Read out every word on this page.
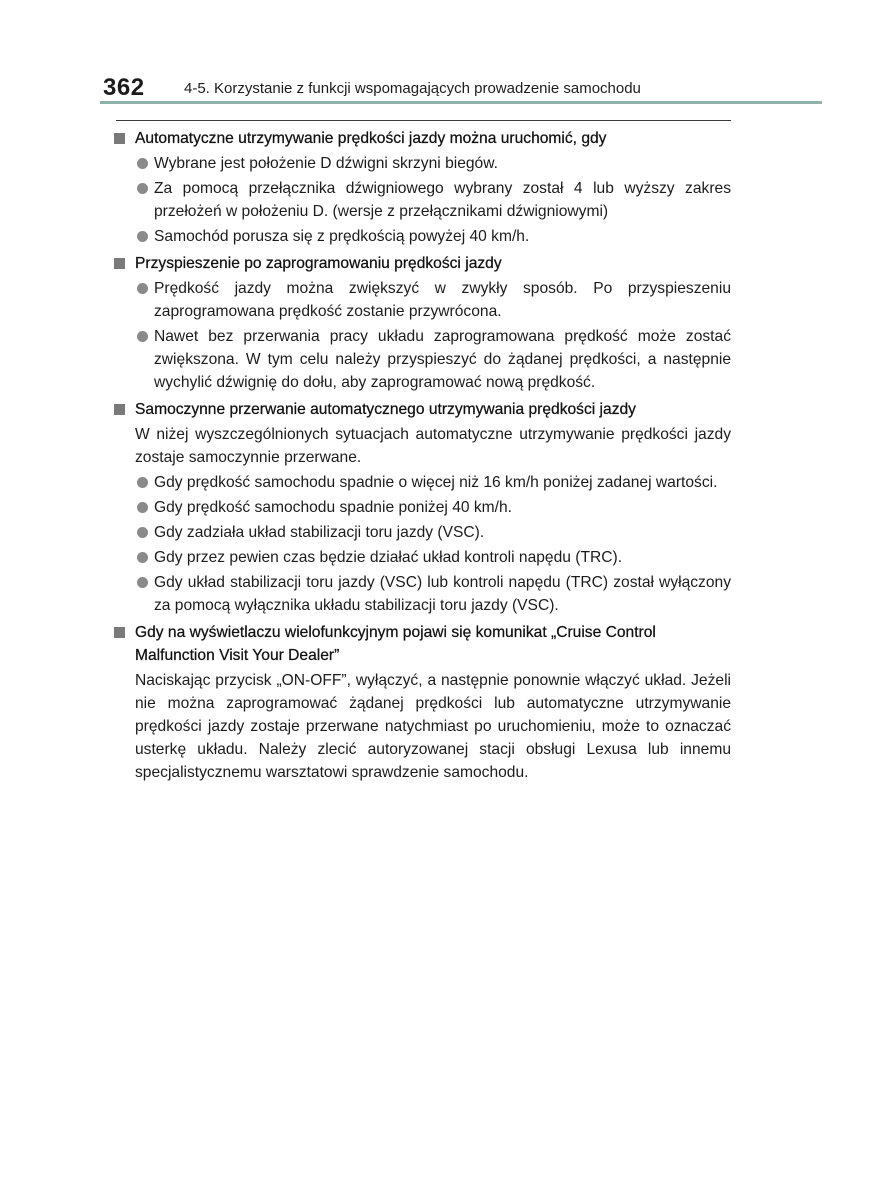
362	4-5. Korzystanie z funkcji wspomagających prowadzenie samochodu
Automatyczne utrzymywanie prędkości jazdy można uruchomić, gdy
Wybrane jest położenie D dźwigni skrzyni biegów.
Za pomocą przełącznika dźwigniowego wybrany został 4 lub wyższy zakres przełożeń w położeniu D. (wersje z przełącznikami dźwigniowymi)
Samochód porusza się z prędkością powyżej 40 km/h.
Przyspieszenie po zaprogramowaniu prędkości jazdy
Prędkość jazdy można zwiększyć w zwykły sposób. Po przyspieszeniu zaprogramowana prędkość zostanie przywrócona.
Nawet bez przerwania pracy układu zaprogramowana prędkość może zostać zwiększona. W tym celu należy przyspieszyć do żądanej prędkości, a następnie wychylić dźwignię do dołu, aby zaprogramować nową prędkość.
Samoczynne przerwanie automatycznego utrzymywania prędkości jazdy
W niżej wyszczególnionych sytuacjach automatyczne utrzymywanie prędkości jazdy zostaje samoczynnie przerwane.
Gdy prędkość samochodu spadnie o więcej niż 16 km/h poniżej zadanej wartości.
Gdy prędkość samochodu spadnie poniżej 40 km/h.
Gdy zadziała układ stabilizacji toru jazdy (VSC).
Gdy przez pewien czas będzie działać układ kontroli napędu (TRC).
Gdy układ stabilizacji toru jazdy (VSC) lub kontroli napędu (TRC) został wyłączony za pomocą wyłącznika układu stabilizacji toru jazdy (VSC).
Gdy na wyświetlaczu wielofunkcyjnym pojawi się komunikat „Cruise Control Malfunction Visit Your Dealer”
Naciskając przycisk „ON-OFF”, wyłączyć, a następnie ponownie włączyć układ. Jeżeli nie można zaprogramować żądanej prędkości lub automatyczne utrzymywanie prędkości jazdy zostaje przerwane natychmiast po uruchomieniu, może to oznaczać usterkę układu. Należy zlecić autoryzowanej stacji obsługi Lexusa lub innemu specjalistycznemu warsztatowi sprawdzenie samochodu.
